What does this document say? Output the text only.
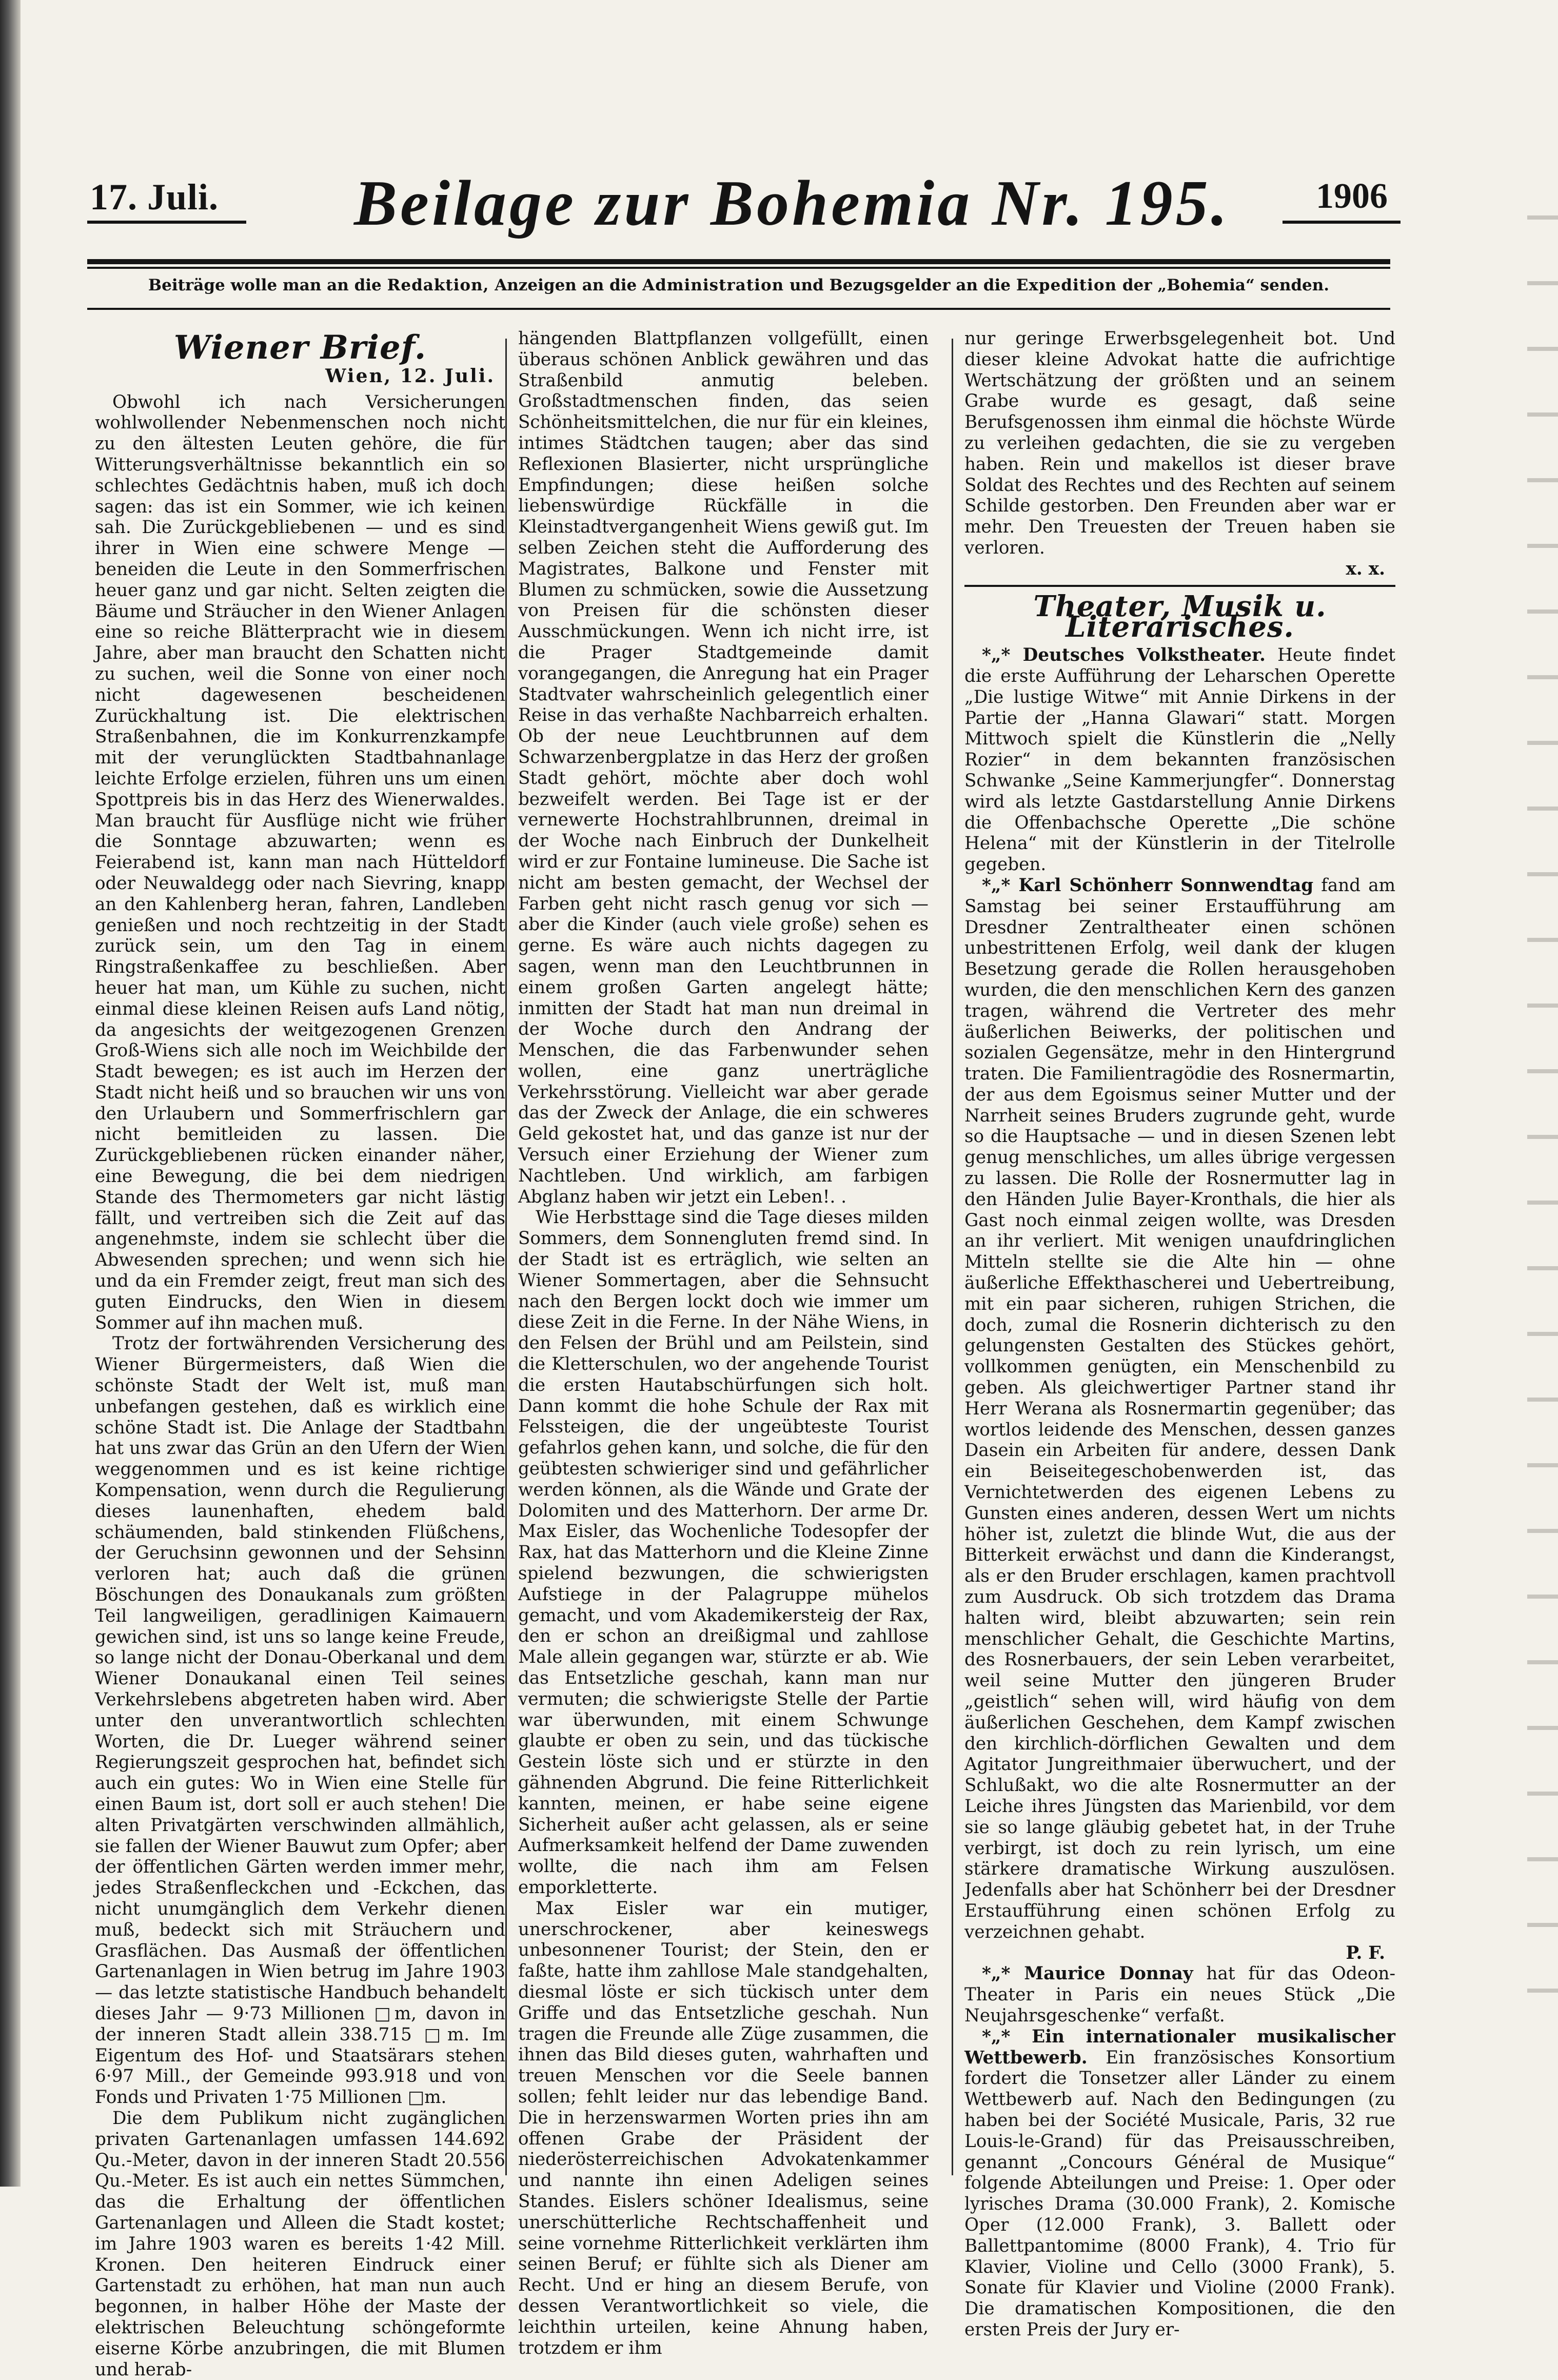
17. Juli. Beilage zur Bohemia Nr. 195.	1906
Beiträge wolle man an die Redaktion, Anzeigen an die Administration und Bezugsgelder an die Expedition der „Bohemia“ senden.
Wiener Brief.
Wien, 12. Juli.

Obwohl ich nach Versicherungen wohlwollender Nebenmenschen noch nicht zu den ältesten Leuten gehöre, die für Witterungsverhältnisse bekanntlich ein so schlechtes Gedächtnis haben, muß ich doch sagen: das ist ein Sommer, wie ich keinen sah. Die Zurückgebliebenen — und es sind ihrer in Wien eine schwere Menge — beneiden die Leute in den Sommerfrischen heuer ganz und gar nicht. Selten zeigten die Bäume und Sträucher in den Wiener Anlagen eine so reiche Blätterpracht wie in diesem Jahre, aber man braucht den Schatten nicht zu suchen, weil die Sonne von einer noch nicht dagewesenen bescheidenen Zurückhaltung ist. Die elektrischen Straßenbahnen, die im Konkurrenzkampfe mit der verunglückten Stadtbahnanlage leichte Erfolge erzielen, führen uns um einen Spottpreis bis in das Herz des Wienerwaldes. Man braucht für Ausflüge nicht wie früher die Sonntage abzuwarten; wenn es Feierabend ist, kann man nach Hütteldorf oder Neuwaldegg oder nach Sievring, knapp an den Kahlenberg heran, fahren, Landleben genießen und noch rechtzeitig in der Stadt zurück sein, um den Tag in einem Ringstraßenkaffee zu beschließen. Aber heuer hat man, um Kühle zu suchen, nicht einmal diese kleinen Reisen aufs Land nötig, da angesichts der weitgezogenen Grenzen Groß-Wiens sich alle noch im Weichbilde der Stadt bewegen; es ist auch im Herzen der Stadt nicht heiß und so brauchen wir uns von den Urlaubern und Sommerfrischlern gar nicht bemitleiden zu lassen. Die Zurückgebliebenen rücken einander näher, eine Bewegung, die bei dem niedrigen Stande des Thermometers gar nicht lästig fällt, und vertreiben sich die Zeit auf das angenehmste, indem sie schlecht über die Abwesenden sprechen; und wenn sich hie und da ein Fremder zeigt, freut man sich des guten Eindrucks, den Wien in diesem Sommer auf ihn machen muß.

Trotz der fortwährenden Versicherung des Wiener Bürgermeisters, daß Wien die schönste Stadt der Welt ist, muß man unbefangen gestehen, daß es wirklich eine schöne Stadt ist. Die Anlage der Stadtbahn hat uns zwar das Grün an den Ufern der Wien weggenommen und es ist keine richtige Kompensation, wenn durch die Regulierung dieses launenhaften, ehedem bald schäumenden, bald stinkenden Flüßchens, der Geruchsinn gewonnen und der Sehsinn verloren hat; auch daß die grünen Böschungen des Donaukanals zum größten Teil langweiligen, geradlinigen Kaimauern gewichen sind, ist uns so lange keine Freude, so lange nicht der Donau-Oberkanal und dem Wiener Donaukanal einen Teil seines Verkehrslebens abgetreten haben wird. Aber unter den unverantwortlich schlechten Worten, die Dr. Lueger während seiner Regierungszeit gesprochen hat, befindet sich auch ein gutes: Wo in Wien eine Stelle für einen Baum ist, dort soll er auch stehen! Die alten Privatgärten verschwinden allmählich, sie fallen der Wiener Bauwut zum Opfer; aber der öffentlichen Gärten werden immer mehr, jedes Straßenfleckchen und -Eckchen, das nicht unumgänglich dem Verkehr dienen muß, bedeckt sich mit Sträuchern und Grasflächen. Das Ausmaß der öffentlichen Gartenanlagen in Wien betrug im Jahre 1903 — das letzte statistische Handbuch behandelt dieses Jahr — 9·73 Millionen □m, davon in der inneren Stadt allein 338.715 □m. Im Eigentum des Hof- und Staatsärars stehen 6·97 Mill., der Gemeinde 993.918 und von Fonds und Privaten 1·75 Millionen □m.

Die dem Publikum nicht zugänglichen privaten Gartenanlagen umfassen 144.692 Qu.-Meter, davon in der inneren Stadt 20.556 Qu.-Meter. Es ist auch ein nettes Sümmchen, das die Erhaltung der öffentlichen Gartenanlagen und Alleen die Stadt kostet; im Jahre 1903 waren es bereits 1·42 Mill. Kronen. Den heiteren Eindruck einer Gartenstadt zu erhöhen, hat man nun auch begonnen, in halber Höhe der Maste der elektrischen Beleuchtung schöngeformte eiserne Körbe anzubringen, die mit Blumen und herab-

hängenden Blattpflanzen vollgefüllt, einen überaus schönen Anblick gewähren und das Straßenbild anmutig beleben. Großstadtmenschen finden, das seien Schönheitsmittelchen, die nur für ein kleines, intimes Städtchen taugen; aber das sind Reflexionen Blasierter, nicht ursprüngliche Empfindungen; diese heißen solche liebenswürdige Rückfälle in die Kleinstadtvergangenheit Wiens gewiß gut. Im selben Zeichen steht die Aufforderung des Magistrates, Balkone und Fenster mit Blumen zu schmücken, sowie die Aussetzung von Preisen für die schönsten dieser Ausschmückungen. Wenn ich nicht irre, ist die Prager Stadtgemeinde damit vorangegangen, die Anregung hat ein Prager Stadtvater wahrscheinlich gelegentlich einer Reise in das verhaßte Nachbarreich erhalten. Ob der neue Leuchtbrunnen auf dem Schwarzenbergplatze in das Herz der großen Stadt gehört, möchte aber doch wohl bezweifelt werden. Bei Tage ist er der vernewerte Hochstrahlbrunnen, dreimal in der Woche nach Einbruch der Dunkelheit wird er zur Fontaine lumineuse. Die Sache ist nicht am besten gemacht, der Wechsel der Farben geht nicht rasch genug vor sich — aber die Kinder (auch viele große) sehen es gerne. Es wäre auch nichts dagegen zu sagen, wenn man den Leuchtbrunnen in einem großen Garten angelegt hätte; inmitten der Stadt hat man nun dreimal in der Woche durch den Andrang der Menschen, die das Farbenwunder sehen wollen, eine ganz unerträgliche Verkehrsstörung. Vielleicht war aber gerade das der Zweck der Anlage, die ein schweres Geld gekostet hat, und das ganze ist nur der Versuch einer Erziehung der Wiener zum Nachtleben. Und wirklich, am farbigen Abglanz haben wir jetzt ein Leben!. .

Wie Herbsttage sind die Tage dieses milden Sommers, dem Sonnengluten fremd sind. In der Stadt ist es erträglich, wie selten an Wiener Sommertagen, aber die Sehnsucht nach den Bergen lockt doch wie immer um diese Zeit in die Ferne. In der Nähe Wiens, in den Felsen der Brühl und am Peilstein, sind die Kletterschulen, wo der angehende Tourist die ersten Hautabschürfungen sich holt. Dann kommt die hohe Schule der Rax mit Felssteigen, die der ungeübteste Tourist gefahrlos gehen kann, und solche, die für den geübtesten schwieriger sind und gefährlicher werden können, als die Wände und Grate der Dolomiten und des Matterhorn. Der arme Dr. Max Eisler, das Wochenliche Todesopfer der Rax, hat das Matterhorn und die Kleine Zinne spielend bezwungen, die schwierigsten Aufstiege in der Palagruppe mühelos gemacht, und vom Akademikersteig der Rax, den er schon an dreißigmal und zahllose Male allein gegangen war, stürzte er ab. Wie das Entsetzliche geschah, kann man nur vermuten; die schwierigste Stelle der Partie war überwunden, mit einem Schwunge glaubte er oben zu sein, und das tückische Gestein löste sich und er stürzte in den gähnenden Abgrund. Die feine Ritterlichkeit kannten, meinen, er habe seine eigene Sicherheit außer acht gelassen, als er seine Aufmerksamkeit helfend der Dame zuwenden wollte, die nach ihm am Felsen emporkletterte.

Max Eisler war ein mutiger, unerschrockener, aber keineswegs unbesonnener Tourist; der Stein, den er faßte, hatte ihm zahllose Male standgehalten, diesmal löste er sich tückisch unter dem Griffe und das Entsetzliche geschah. Nun tragen die Freunde alle Züge zusammen, die ihnen das Bild dieses guten, wahrhaften und treuen Menschen vor die Seele bannen sollen; fehlt leider nur das lebendige Band. Die in herzenswarmen Worten pries ihn am offenen Grabe der Präsident der niederösterreichischen Advokatenkammer und nannte ihn einen Adeligen seines Standes. Eislers schöner Idealismus, seine unerschütterliche Rechtschaffenheit und seine vornehme Ritterlichkeit verklärten ihm seinen Beruf; er fühlte sich als Diener am Recht. Und er hing an diesem Berufe, von dessen Verantwortlichkeit so viele, die leichthin urteilen, keine Ahnung haben, trotzdem er ihm

nur geringe Erwerbsgelegenheit bot. Und dieser kleine Advokat hatte die aufrichtige Wertschätzung der größten und an seinem Grabe wurde es gesagt, daß seine Berufsgenossen ihm einmal die höchste Würde zu verleihen gedachten, die sie zu vergeben haben. Rein und makellos ist dieser brave Soldat des Rechtes und des Rechten auf seinem Schilde gestorben. Den Freunden aber war er mehr. Den Treuesten der Treuen haben sie verloren.

x. x.
Theater, Musik u. Literarisches.

*„* Deutsches Volkstheater. Heute findet die erste Aufführung der Leharschen Operette „Die lustige Witwe“ mit Annie Dirkens in der Partie der „Hanna Glawari“ statt. Morgen Mittwoch spielt die Künstlerin die „Nelly Rozier“ in dem bekannten französischen Schwanke „Seine Kammerjungfer“. Donnerstag wird als letzte Gastdarstellung Annie Dirkens die Offenbachsche Operette „Die schöne Helena“ mit der Künstlerin in der Titelrolle gegeben.

*„* Karl Schönherr Sonnwendtag fand am Samstag bei seiner Erstaufführung am Dresdner Zentraltheater einen schönen unbestrittenen Erfolg, weil dank der klugen Besetzung gerade die Rollen herausgehoben wurden, die den menschlichen Kern des ganzen tragen, während die Vertreter des mehr äußerlichen Beiwerks, der politischen und sozialen Gegensätze, mehr in den Hintergrund traten. Die Familientragödie des Rosnermartin, der aus dem Egoismus seiner Mutter und der Narrheit seines Bruders zugrunde geht, wurde so die Hauptsache — und in diesen Szenen lebt genug menschliches, um alles übrige vergessen zu lassen. Die Rolle der Rosnermutter lag in den Händen Julie Bayer-Kronthals, die hier als Gast noch einmal zeigen wollte, was Dresden an ihr verliert. Mit wenigen unaufdringlichen Mitteln stellte sie die Alte hin — ohne äußerliche Effekthascherei und Uebertreibung, mit ein paar sicheren, ruhigen Strichen, die doch, zumal die Rosnerin dichterisch zu den gelungensten Gestalten des Stückes gehört, vollkommen genügten, ein Menschenbild zu geben. Als gleichwertiger Partner stand ihr Herr Werana als Rosnermartin gegenüber; das wortlos leidende des Menschen, dessen ganzes Dasein ein Arbeiten für andere, dessen Dank ein Beiseitegeschobenwerden ist, das Vernichtetwerden des eigenen Lebens zu Gunsten eines anderen, dessen Wert um nichts höher ist, zuletzt die blinde Wut, die aus der Bitterkeit erwächst und dann die Kinderangst, als er den Bruder erschlagen, kamen prachtvoll zum Ausdruck. Ob sich trotzdem das Drama halten wird, bleibt abzuwarten; sein rein menschlicher Gehalt, die Geschichte Martins, des Rosnerbauers, der sein Leben verarbeitet, weil seine Mutter den jüngeren Bruder „geistlich“ sehen will, wird häufig von dem äußerlichen Geschehen, dem Kampf zwischen den kirchlich-dörflichen Gewalten und dem Agitator Jungreithmaier überwuchert, und der Schlußakt, wo die alte Rosnermutter an der Leiche ihres Jüngsten das Marienbild, vor dem sie so lange gläubig gebetet hat, in der Truhe verbirgt, ist doch zu rein lyrisch, um eine stärkere dramatische Wirkung auszulösen. Jedenfalls aber hat Schönherr bei der Dresdner Erstaufführung einen schönen Erfolg zu verzeichnen gehabt.

P. F.

*„* Maurice Donnay hat für das Odeon-Theater in Paris ein neues Stück „Die Neujahrsgeschenke“ verfaßt.

*„* Ein internationaler musikalischer Wettbewerb. Ein französisches Konsortium fordert die Tonsetzer aller Länder zu einem Wettbewerb auf. Nach den Bedingungen (zu haben bei der Société Musicale, Paris, 32 rue Louis-le-Grand) für das Preisausschreiben, genannt „Concours Général de Musique“ folgende Abteilungen und Preise: 1. Oper oder lyrisches Drama (30.000 Frank), 2. Komische Oper (12.000 Frank), 3. Ballett oder Ballettpantomime (8000 Frank), 4. Trio für Klavier, Violine und Cello (3000 Frank), 5. Sonate für Klavier und Violine (2000 Frank). Die dramatischen Kompositionen, die den ersten Preis der Jury er-
